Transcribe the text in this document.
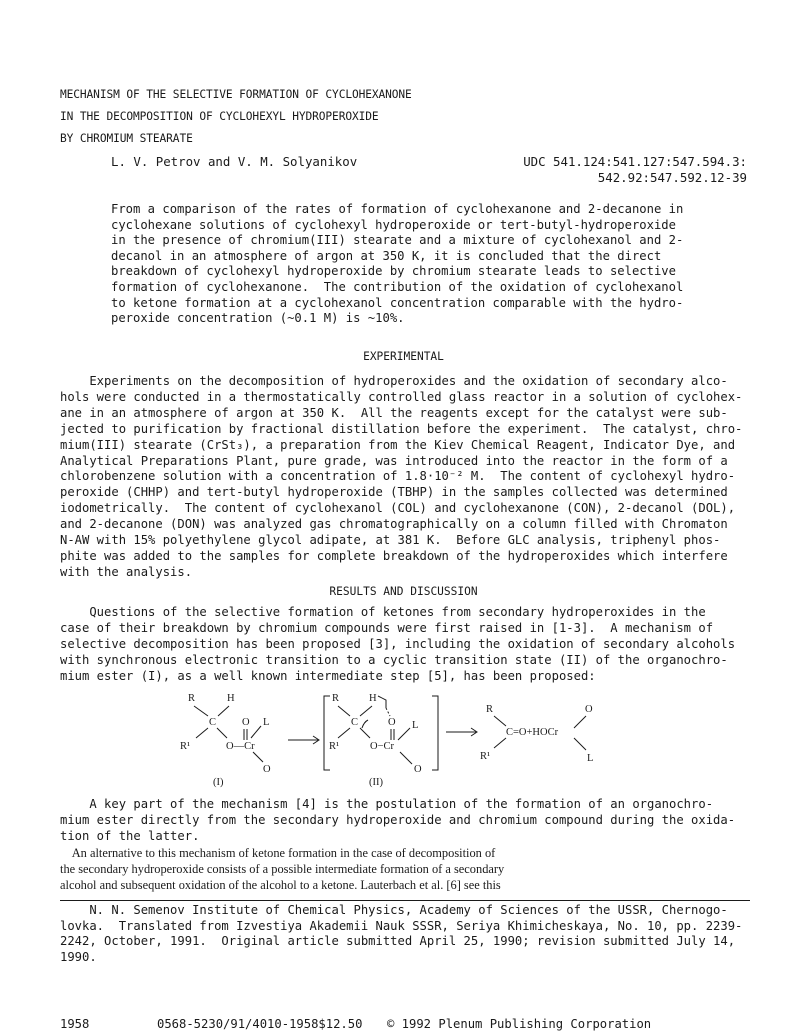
MECHANISM OF THE SELECTIVE FORMATION OF CYCLOHEXANONE
IN THE DECOMPOSITION OF CYCLOHEXYL HYDROPEROXIDE
BY CHROMIUM STEARATE
L. V. Petrov and V. M. Solyanikov	UDC 541.124:541.127:547.594.3:
542.92:547.592.12-39
From a comparison of the rates of formation of cyclohexanone and 2-decanone in
cyclohexane solutions of cyclohexyl hydroperoxide or tert-butyl-hydroperoxide
in the presence of chromium(III) stearate and a mixture of cyclohexanol and 2-
decanol in an atmosphere of argon at 350 K, it is concluded that the direct
breakdown of cyclohexyl hydroperoxide by chromium stearate leads to selective
formation of cyclohexanone.  The contribution of the oxidation of cyclohexanol
to ketone formation at a cyclohexanol concentration comparable with the hydro-
peroxide concentration (~0.1 M) is ~10%.
EXPERIMENTAL
Experiments on the decomposition of hydroperoxides and the oxidation of secondary alco-
hols were conducted in a thermostatically controlled glass reactor in a solution of cyclohex-
ane in an atmosphere of argon at 350 K.  All the reagents except for the catalyst were sub-
jected to purification by fractional distillation before the experiment.  The catalyst, chro-
mium(III) stearate (CrSt₃), a preparation from the Kiev Chemical Reagent, Indicator Dye, and
Analytical Preparations Plant, pure grade, was introduced into the reactor in the form of a
chlorobenzene solution with a concentration of 1.8·10⁻² M.  The content of cyclohexyl hydro-
peroxide (CHHP) and tert-butyl hydroperoxide (TBHP) in the samples collected was determined
iodometrically.  The content of cyclohexanol (COL) and cyclohexanone (CON), 2-decanol (DOL),
and 2-decanone (DON) was analyzed gas chromatographically on a column filled with Chromaton
N-AW with 15% polyethylene glycol adipate, at 381 K.  Before GLC analysis, triphenyl phos-
phite was added to the samples for complete breakdown of the hydroperoxides which interfere
with the analysis.
RESULTS AND DISCUSSION
Questions of the selective formation of ketones from secondary hydroperoxides in the
case of their breakdown by chromium compounds were first raised in [1-3].  A mechanism of
selective decomposition has been proposed [3], including the oxidation of secondary alcohols
with synchronous electronic transition to a cyclic transition state (II) of the organochro-
mium ester (I), as a well known intermediate step [5], has been proposed:
R	H
C O L
R¹	O—Cr
O
(I)
R	H
C	O L
R¹	O−Cr
O
(II)
R
C=O+HOCr
R¹
O
L
A key part of the mechanism [4] is the postulation of the formation of an organochro-
mium ester directly from the secondary hydroperoxide and chromium compound during the oxida-
tion of the latter.
An alternative to this mechanism of ketone formation in the case of decomposition of
the secondary hydroperoxide consists of a possible intermediate formation of a secondary
alcohol and subsequent oxidation of the alcohol to a ketone. Lauterbach et al. [6] see this
N. N. Semenov Institute of Chemical Physics, Academy of Sciences of the USSR, Chernogo-
lovka.  Translated from Izvestiya Akademii Nauk SSSR, Seriya Khimicheskaya, No. 10, pp. 2239-
2242, October, 1991.  Original article submitted April 25, 1990; revision submitted July 14,
1990.
1958	0568-5230/91/4010-1958$12.50 © 1992 Plenum Publishing Corporation
